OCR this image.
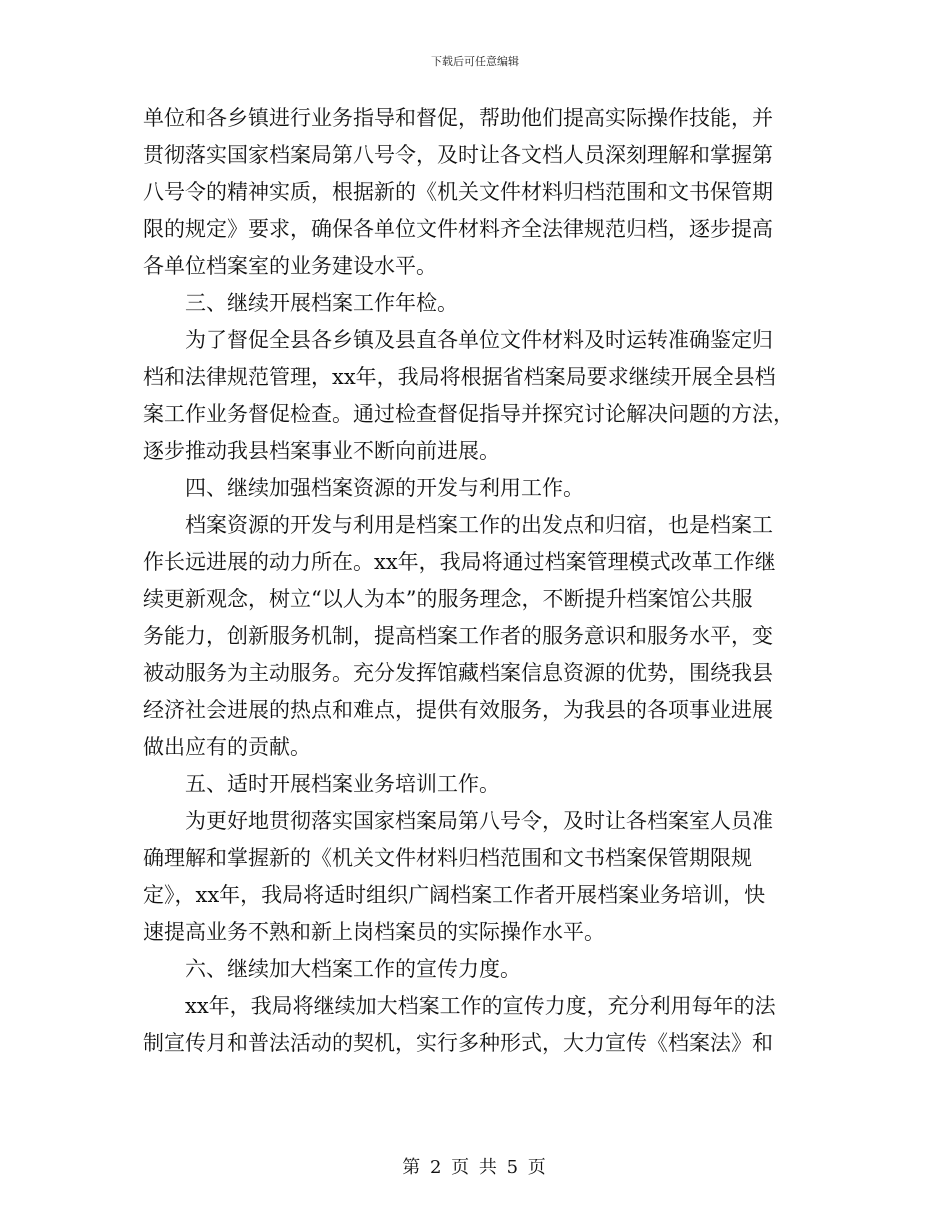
下载后可任意编辑

单位和各乡镇进行业务指导和督促，帮助他们提高实际操作技能，并

贯彻落实国家档案局第八号令，及时让各文档人员深刻理解和掌握第

八号令的精神实质，根据新的《机关文件材料归档范围和文书保管期

限的规定》要求，确保各单位文件材料齐全法律规范归档，逐步提高

各单位档案室的业务建设水平。

　　三、继续开展档案工作年检。

　　为了督促全县各乡镇及县直各单位文件材料及时运转准确鉴定归

档和法律规范管理，xx年，我局将根据省档案局要求继续开展全县档

案工作业务督促检查。通过检查督促指导并探究讨论解决问题的方法，

逐步推动我县档案事业不断向前进展。

　　四、继续加强档案资源的开发与利用工作。

　　档案资源的开发与利用是档案工作的出发点和归宿，也是档案工

作长远进展的动力所在。xx年，我局将通过档案管理模式改革工作继

续更新观念，树立“以人为本”的服务理念，不断提升档案馆公共服

务能力，创新服务机制，提高档案工作者的服务意识和服务水平，变

被动服务为主动服务。充分发挥馆藏档案信息资源的优势，围绕我县

经济社会进展的热点和难点，提供有效服务，为我县的各项事业进展

做出应有的贡献。

　　五、适时开展档案业务培训工作。

　　为更好地贯彻落实国家档案局第八号令，及时让各档案室人员准

确理解和掌握新的《机关文件材料归档范围和文书档案保管期限规

定》，xx年，我局将适时组织广阔档案工作者开展档案业务培训，快

速提高业务不熟和新上岗档案员的实际操作水平。

　　六、继续加大档案工作的宣传力度。

　　xx年，我局将继续加大档案工作的宣传力度，充分利用每年的法

制宣传月和普法活动的契机，实行多种形式，大力宣传《档案法》和

第 2 页 共 5 页
